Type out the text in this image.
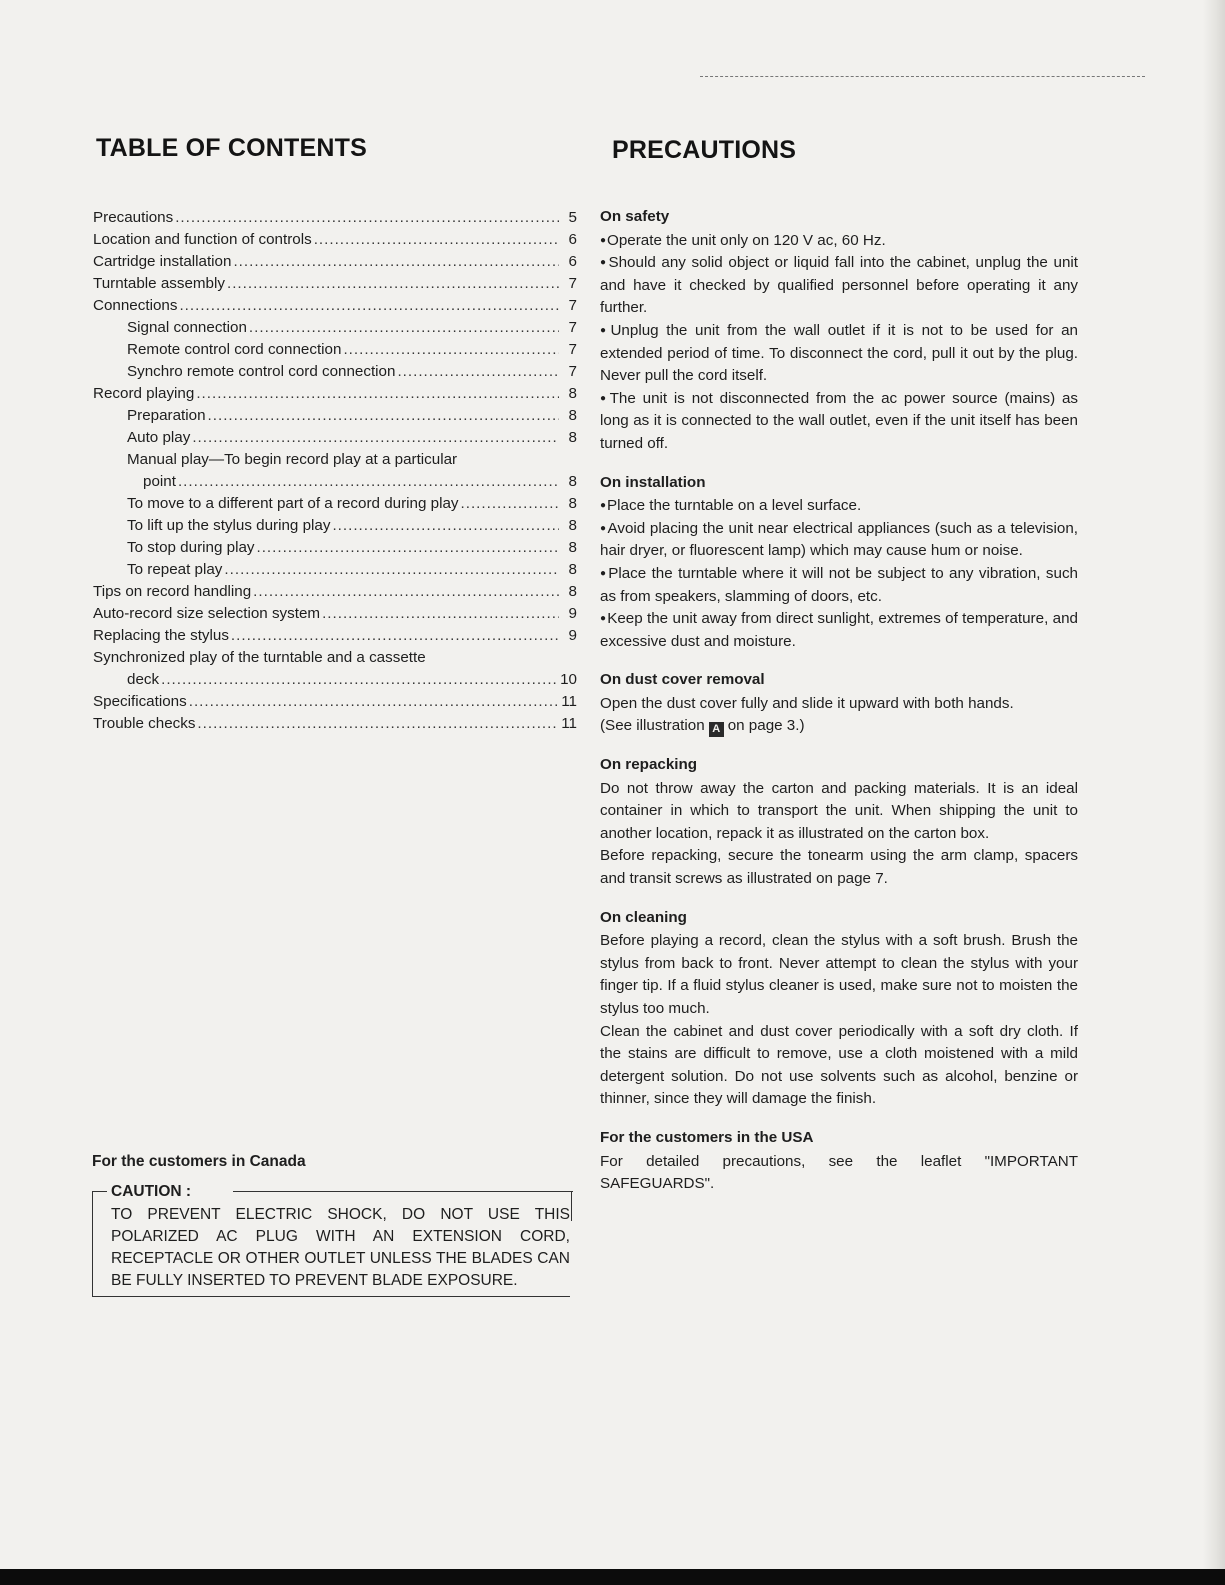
TABLE OF CONTENTS
Precautions .....	5
Location and function of controls .....	6
Cartridge installation .....	6
Turntable assembly .....	7
Connections .....	7
Signal connection .....	7
Remote control cord connection .....	7
Synchro remote control cord connection .....	7
Record playing .....	8
Preparation .....	8
Auto play .....	8
Manual play—To begin record play at a particular
point .....	8
To move to a different part of a record during play .....	8
To lift up the stylus during play .....	8
To stop during play .....	8
To repeat play .....	8
Tips on record handling .....	8
Auto-record size selection system .....	9
Replacing the stylus .....	9
Synchronized play of the turntable and a cassette
deck .....	10
Specifications .....	11
Trouble checks .....	11
For the customers in Canada
CAUTION :
TO PREVENT ELECTRIC SHOCK, DO NOT USE THIS POLARIZED AC PLUG WITH AN EXTENSION CORD, RECEPTACLE OR OTHER OUTLET UNLESS THE BLADES CAN BE FULLY INSERTED TO PREVENT BLADE EXPOSURE.
PRECAUTIONS
On safety

● Operate the unit only on 120 V ac, 60 Hz.

● Should any solid object or liquid fall into the cabinet, unplug the unit and have it checked by qualified personnel before operating it any further.

● Unplug the unit from the wall outlet if it is not to be used for an extended period of time. To disconnect the cord, pull it out by the plug. Never pull the cord itself.

● The unit is not disconnected from the ac power source (mains) as long as it is connected to the wall outlet, even if the unit itself has been turned off.

On installation

● Place the turntable on a level surface.

● Avoid placing the unit near electrical appliances (such as a television, hair dryer, or fluorescent lamp) which may cause hum or noise.

● Place the turntable where it will not be subject to any vibration, such as from speakers, slamming of doors, etc.

● Keep the unit away from direct sunlight, extremes of temperature, and excessive dust and moisture.

On dust cover removal

Open the dust cover fully and slide it upward with both hands.

(See illustration A on page 3.)

On repacking

Do not throw away the carton and packing materials. It is an ideal container in which to transport the unit. When shipping the unit to another location, repack it as illustrated on the carton box.

Before repacking, secure the tonearm using the arm clamp, spacers and transit screws as illustrated on page 7.

On cleaning

Before playing a record, clean the stylus with a soft brush. Brush the stylus from back to front. Never attempt to clean the stylus with your finger tip. If a fluid stylus cleaner is used, make sure not to moisten the stylus too much.

Clean the cabinet and dust cover periodically with a soft dry cloth. If the stains are difficult to remove, use a cloth moistened with a mild detergent solution. Do not use solvents such as alcohol, benzine or thinner, since they will damage the finish.

For the customers in the USA

For detailed precautions, see the leaflet "IMPORTANT SAFEGUARDS".
